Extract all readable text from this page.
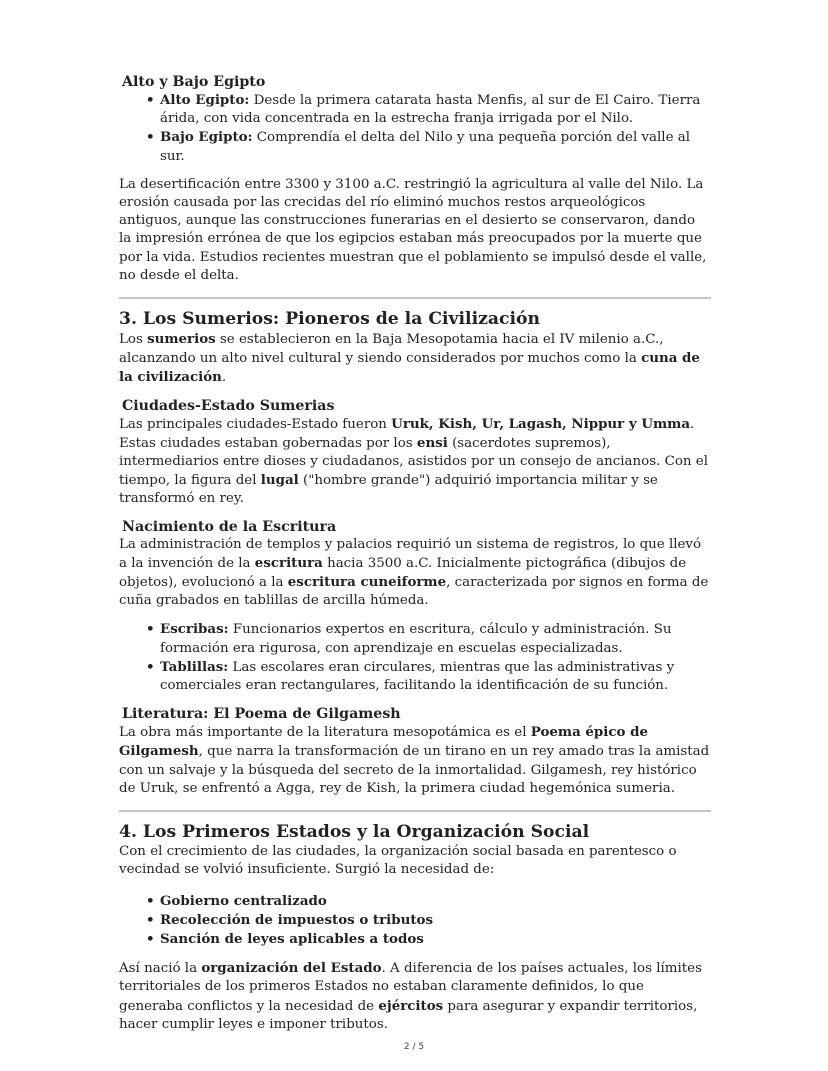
Alto y Bajo Egipto
• Alto Egipto: Desde la primera catarata hasta Menfis, al sur de El Cairo. Tierra árida, con vida concentrada en la estrecha franja irrigada por el Nilo.
• Bajo Egipto: Comprendía el delta del Nilo y una pequeña porción del valle al sur.

La desertificación entre 3300 y 3100 a.C. restringió la agricultura al valle del Nilo. La erosión causada por las crecidas del río eliminó muchos restos arqueológicos antiguos, aunque las construcciones funerarias en el desierto se conservaron, dando la impresión errónea de que los egipcios estaban más preocupados por la muerte que por la vida. Estudios recientes muestran que el poblamiento se impulsó desde el valle, no desde el delta.

3. Los Sumerios: Pioneros de la Civilización

Los sumerios se establecieron en la Baja Mesopotamia hacia el IV milenio a.C., alcanzando un alto nivel cultural y siendo considerados por muchos como la cuna de la civilización.

Ciudades-Estado Sumerias

Las principales ciudades-Estado fueron Uruk, Kish, Ur, Lagash, Nippur y Umma. Estas ciudades estaban gobernadas por los ensi (sacerdotes supremos), intermediarios entre dioses y ciudadanos, asistidos por un consejo de ancianos. Con el tiempo, la figura del lugal ("hombre grande") adquirió importancia militar y se transformó en rey.

Nacimiento de la Escritura

La administración de templos y palacios requirió un sistema de registros, lo que llevó a la invención de la escritura hacia 3500 a.C. Inicialmente pictográfica (dibujos de objetos), evolucionó a la escritura cuneiforme, caracterizada por signos en forma de cuña grabados en tablillas de arcilla húmeda.

• Escribas: Funcionarios expertos en escritura, cálculo y administración. Su formación era rigurosa, con aprendizaje en escuelas especializadas.
• Tablillas: Las escolares eran circulares, mientras que las administrativas y comerciales eran rectangulares, facilitando la identificación de su función.
Literatura: El Poema de Gilgamesh

La obra más importante de la literatura mesopotámica es el Poema épico de Gilgamesh, que narra la transformación de un tirano en un rey amado tras la amistad con un salvaje y la búsqueda del secreto de la inmortalidad. Gilgamesh, rey histórico de Uruk, se enfrentó a Agga, rey de Kish, la primera ciudad hegemónica sumeria.

4. Los Primeros Estados y la Organización Social

Con el crecimiento de las ciudades, la organización social basada en parentesco o vecindad se volvió insuficiente. Surgió la necesidad de:

• Gobierno centralizado
• Recolección de impuestos o tributos
• Sanción de leyes aplicables a todos

Así nació la organización del Estado. A diferencia de los países actuales, los límites territoriales de los primeros Estados no estaban claramente definidos, lo que generaba conflictos y la necesidad de ejércitos para asegurar y expandir territorios, hacer cumplir leyes e imponer tributos.

2 / 5
